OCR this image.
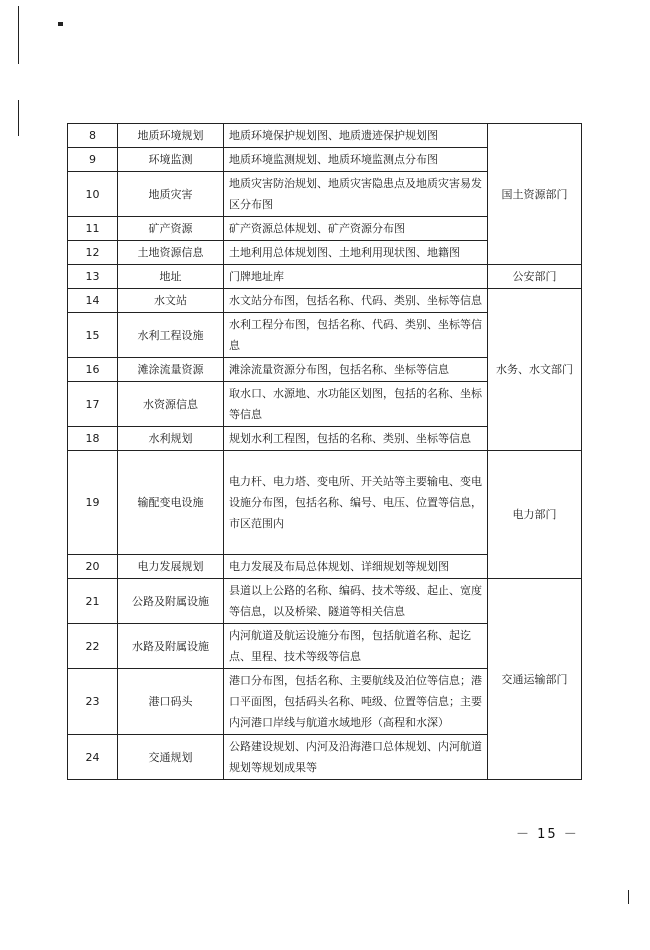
8	地质环境规划	地质环境保护规划图、地质遗迹保护规划图	国土资源部门
9	环境监测	地质环境监测规划、地质环境监测点分布图	
10	地质灾害	地质灾害防治规划、地质灾害隐患点及地质灾害易发区分布图	
11	矿产资源	矿产资源总体规划、矿产资源分布图	
12	土地资源信息	土地利用总体规划图、土地利用现状图、地籍图	
13	地址	门牌地址库	公安部门
14	水文站	水文站分布图，包括名称、代码、类别、坐标等信息	水务、水文部门
15	水利工程设施	水利工程分布图，包括名称、代码、类别、坐标等信息	
16	滩涂流量资源	滩涂流量资源分布图，包括名称、坐标等信息	
17	水资源信息	取水口、水源地、水功能区划图，包括的名称、坐标等信息	
18	水利规划	规划水利工程图，包括的名称、类别、坐标等信息	
19	输配变电设施	电力杆、电力塔、变电所、开关站等主要输电、变电设施分布图，包括名称、编号、电压、位置等信息，市区范围内	电力部门
20	电力发展规划	电力发展及布局总体规划、详细规划等规划图	
21	公路及附属设施	县道以上公路的名称、编码、技术等级、起止、宽度等信息，以及桥梁、隧道等相关信息	交通运输部门
22	水路及附属设施	内河航道及航运设施分布图，包括航道名称、起讫点、里程、技术等级等信息	
23	港口码头	港口分布图，包括名称、主要航线及泊位等信息；港口平面图，包括码头名称、吨级、位置等信息；主要内河港口岸线与航道水域地形（高程和水深）	
24	交通规划	公路建设规划、内河及沿海港口总体规划、内河航道规划等规划成果等	
－ 15 －
